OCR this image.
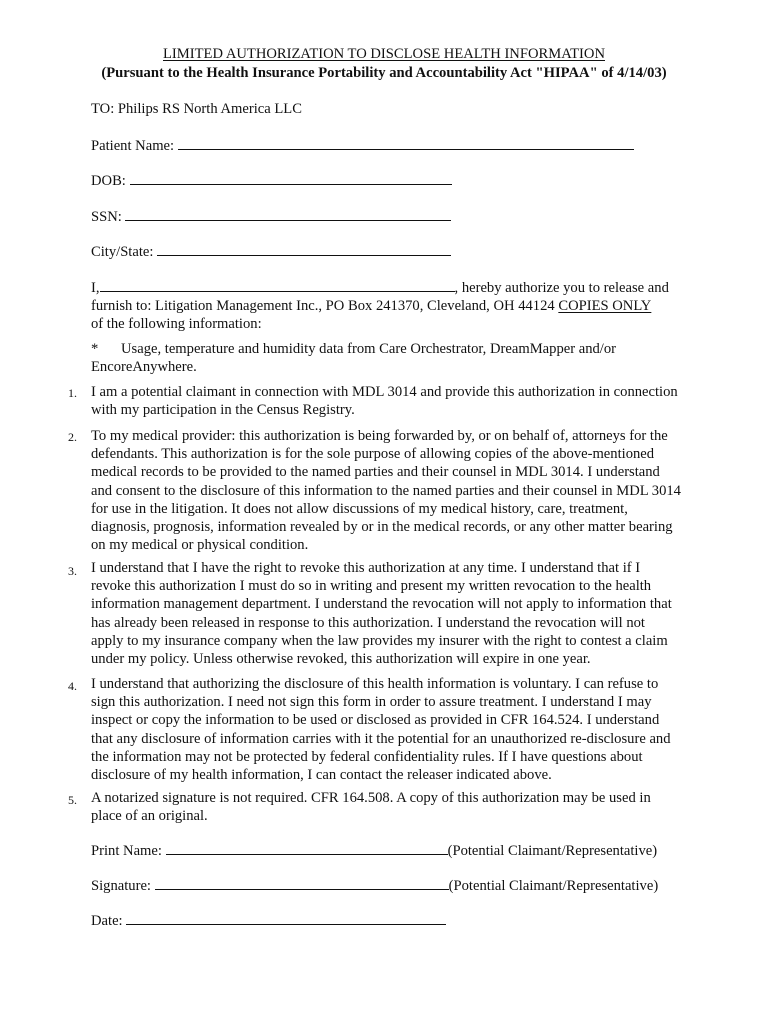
LIMITED AUTHORIZATION TO DISCLOSE HEALTH INFORMATION
(Pursuant to the Health Insurance Portability and Accountability Act "HIPAA" of 4/14/03)
TO: Philips RS North America LLC
Patient Name:
DOB:
SSN:
City/State:
I,	, hereby authorize you to release and
furnish to: Litigation Management Inc., PO Box 241370, Cleveland, OH 44124 COPIES ONLY
of the following information:
* Usage, temperature and humidity data from Care Orchestrator, DreamMapper and/or EncoreAnywhere.
1. I am a potential claimant in connection with MDL 3014 and provide this authorization in connection with my participation in the Census Registry.
2. To my medical provider: this authorization is being forwarded by, or on behalf of, attorneys for the defendants. This authorization is for the sole purpose of allowing copies of the above-mentioned medical records to be provided to the named parties and their counsel in MDL 3014. I understand and consent to the disclosure of this information to the named parties and their counsel in MDL 3014 for use in the litigation. It does not allow discussions of my medical history, care, treatment, diagnosis, prognosis, information revealed by or in the medical records, or any other matter bearing on my medical or physical condition.
3. I understand that I have the right to revoke this authorization at any time. I understand that if I revoke this authorization I must do so in writing and present my written revocation to the health information management department. I understand the revocation will not apply to information that has already been released in response to this authorization. I understand the revocation will not apply to my insurance company when the law provides my insurer with the right to contest a claim under my policy. Unless otherwise revoked, this authorization will expire in one year.
4. I understand that authorizing the disclosure of this health information is voluntary. I can refuse to sign this authorization. I need not sign this form in order to assure treatment. I understand I may inspect or copy the information to be used or disclosed as provided in CFR 164.524. I understand that any disclosure of information carries with it the potential for an unauthorized re-disclosure and the information may not be protected by federal confidentiality rules. If I have questions about disclosure of my health information, I can contact the releaser indicated above.
5. A notarized signature is not required. CFR 164.508. A copy of this authorization may be used in place of an original.
Print Name:	(Potential Claimant/Representative)
Signature:	(Potential Claimant/Representative)
Date:
